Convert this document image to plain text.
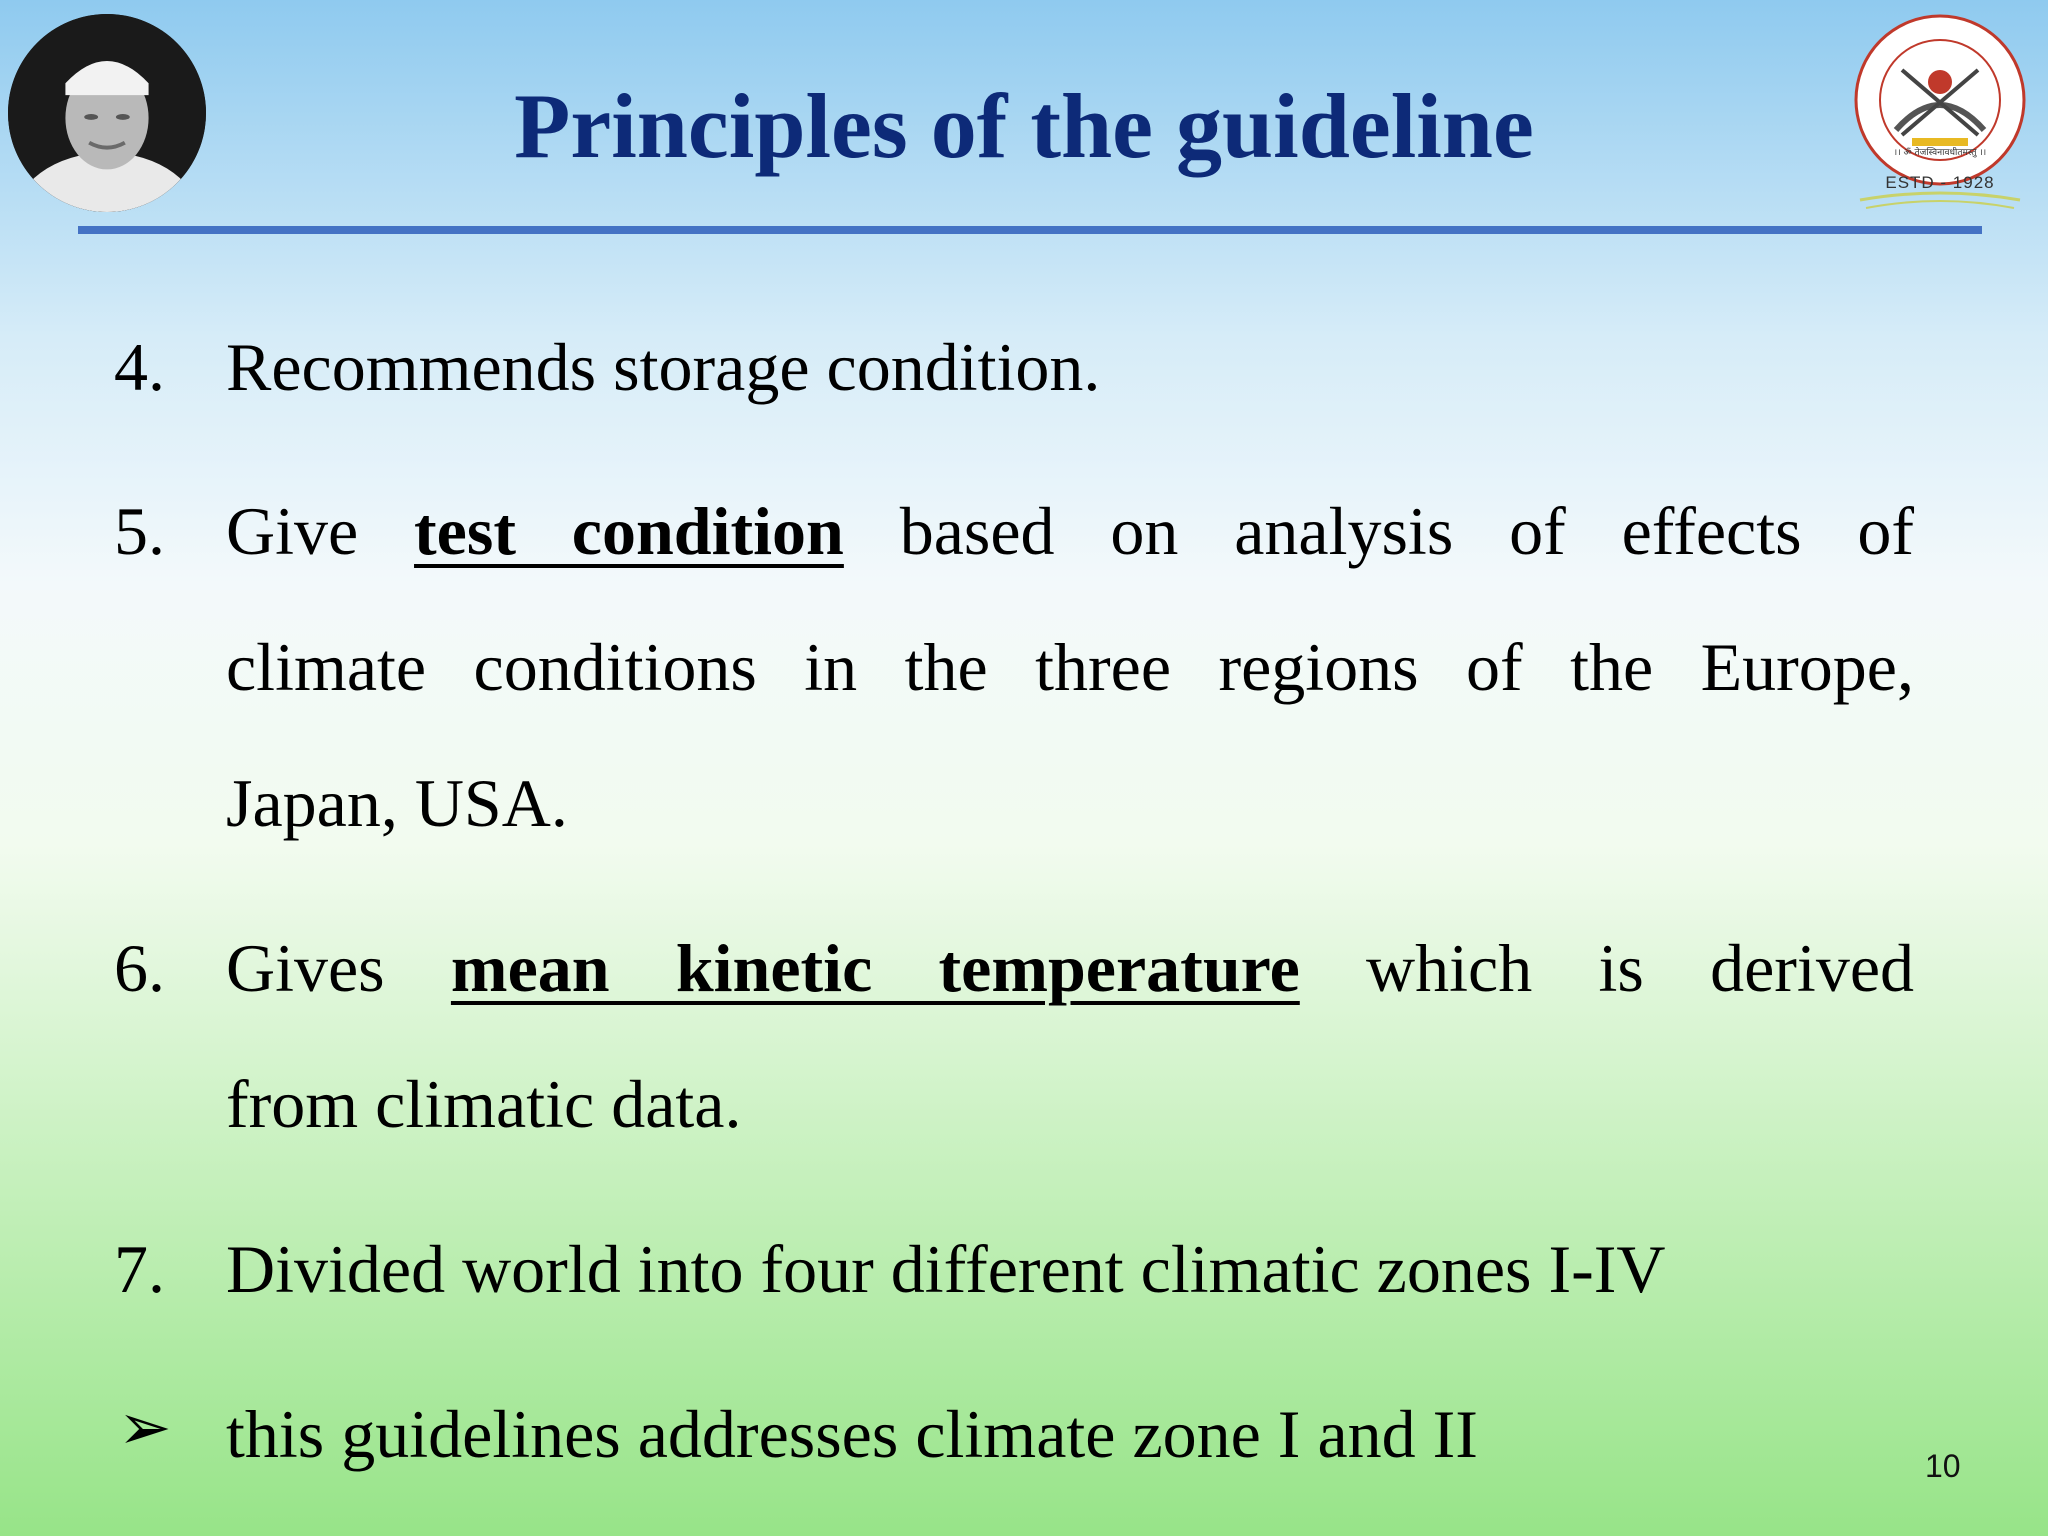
।। ॐ तेजस्विनावधीतमस्तु ।।
ESTD - 1928
Principles of the guideline
4. Recommends storage condition.
5. Give test condition based on analysis of effects of
climate conditions in the three regions of the Europe,
Japan, USA.
6. Gives mean kinetic temperature which is derived
from climatic data.
7. Divided world into four different climatic zones I-IV
➢ this guidelines addresses climate zone I and II	10
